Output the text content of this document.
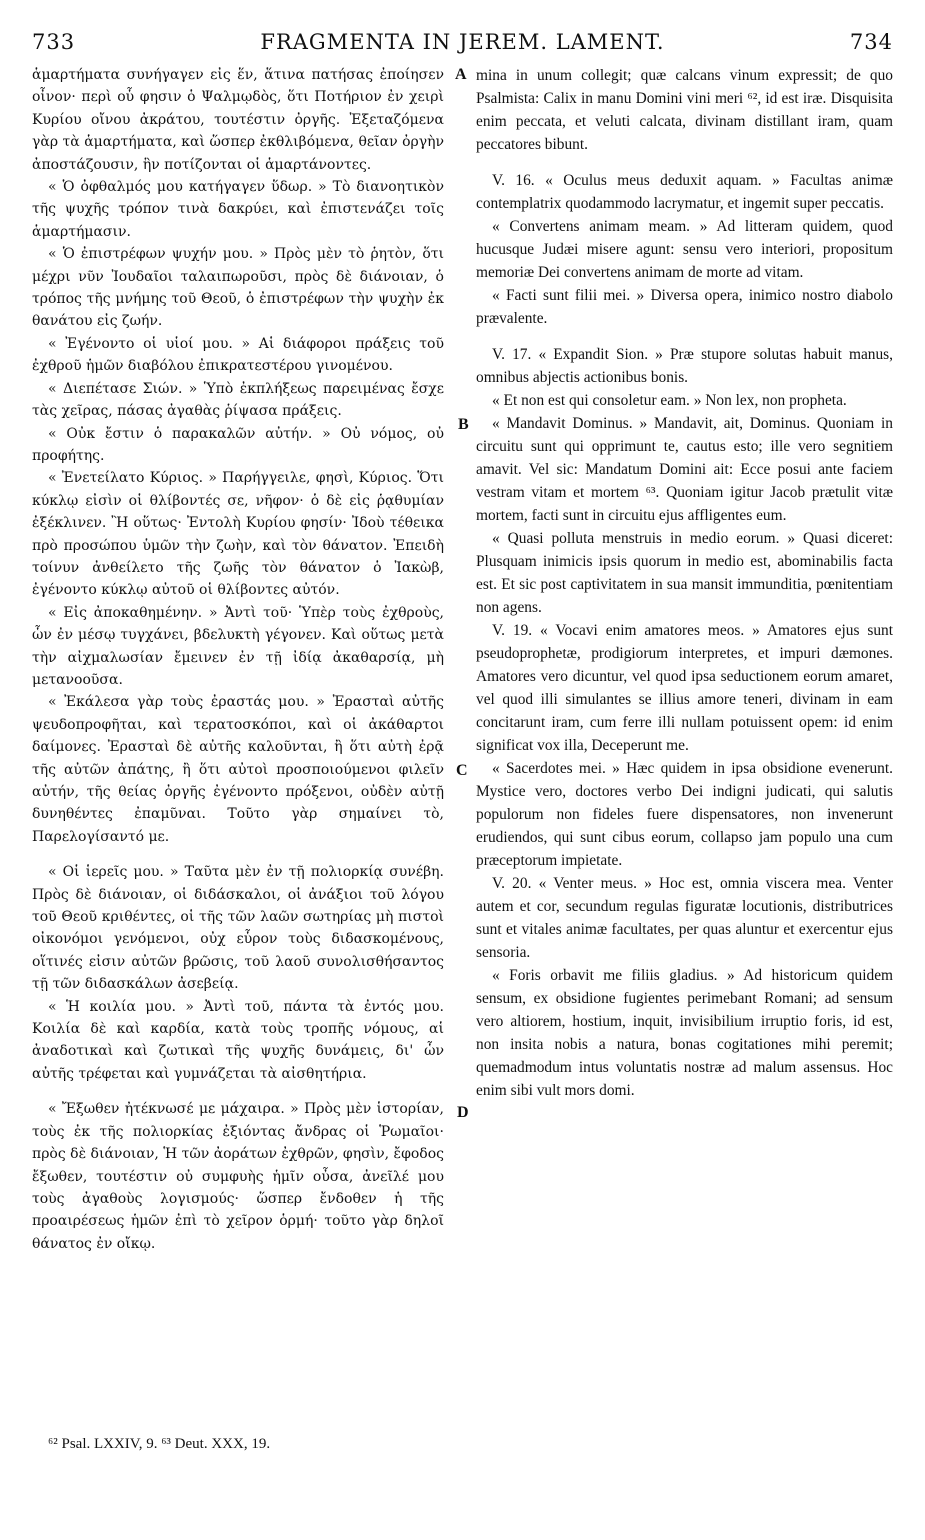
733	FRAGMENTA IN JEREM. LAMENT.	734

ἁμαρτήματα συνήγαγεν εἰς ἕν, ἅτινα πατήσας ἐποίησεν οἶνον· περὶ οὗ φησιν ὁ Ψαλμῳδὸς, ὅτι Ποτήριον ἐν χειρὶ Κυρίου οἴνου ἀκράτου, τουτέστιν ὀργῆς. Ἐξεταζόμενα γὰρ τὰ ἁμαρτήματα, καὶ ὥσπερ ἐκθλιβόμενα, θεῖαν ὀργὴν ἀποστάζουσιν, ἣν ποτίζονται οἱ ἁμαρτάνοντες.

« Ὁ ὀφθαλμός μου κατήγαγεν ὕδωρ. » Τὸ διανοητικὸν τῆς ψυχῆς τρόπον τινὰ δακρύει, καὶ ἐπιστενάζει τοῖς ἁμαρτήμασιν.

« Ὁ ἐπιστρέφων ψυχήν μου. » Πρὸς μὲν τὸ ῥητὸν, ὅτι μέχρι νῦν Ἰουδαῖοι ταλαιπωροῦσι, πρὸς δὲ διάνοιαν, ὁ τρόπος τῆς μνήμης τοῦ Θεοῦ, ὁ ἐπιστρέφων τὴν ψυχὴν ἐκ θανάτου εἰς ζωήν.

« Ἐγένοντο οἱ υἱοί μου. » Αἱ διάφοροι πράξεις τοῦ ἐχθροῦ ἡμῶν διαβόλου ἐπικρατεστέρου γινομένου.

« Διεπέτασε Σιών. » Ὑπὸ ἐκπλήξεως παρειμένας ἔσχε τὰς χεῖρας, πάσας ἀγαθὰς ῥίψασα πράξεις.

« Οὐκ ἔστιν ὁ παρακαλῶν αὐτήν. » Οὐ νόμος, οὐ προφήτης.

« Ἐνετείλατο Κύριος. » Παρήγγειλε, φησὶ, Κύριος. Ὅτι κύκλῳ εἰσὶν οἱ θλίβοντές σε, νῆφον· ὁ δὲ εἰς ῥᾳθυμίαν ἐξέκλινεν. Ἢ οὕτως· Ἐντολὴ Κυρίου φησίν· Ἰδοὺ τέθεικα πρὸ προσώπου ὑμῶν τὴν ζωὴν, καὶ τὸν θάνατον. Ἐπειδὴ τοίνυν ἀνθείλετο τῆς ζωῆς τὸν θάνατον ὁ Ἰακὼβ, ἐγένοντο κύκλῳ αὐτοῦ οἱ θλίβοντες αὐτόν.

« Εἰς ἀποκαθημένην. » Ἀντὶ τοῦ· Ὑπὲρ τοὺς ἐχθροὺς, ὧν ἐν μέσῳ τυγχάνει, βδελυκτὴ γέγονεν. Καὶ οὕτως μετὰ τὴν αἰχμαλωσίαν ἔμεινεν ἐν τῇ ἰδίᾳ ἀκαθαρσίᾳ, μὴ μετανοοῦσα.

« Ἐκάλεσα γὰρ τοὺς ἐραστάς μου. » Ἐρασταὶ αὐτῆς ψευδοπροφῆται, καὶ τερατοσκόποι, καὶ οἱ ἀκάθαρτοι δαίμονες. Ἐρασταὶ δὲ αὐτῆς καλοῦνται, ἢ ὅτι αὐτὴ ἐρᾷ τῆς αὐτῶν ἀπάτης, ἢ ὅτι αὐτοὶ προσποιούμενοι φιλεῖν αὐτήν, τῆς θείας ὀργῆς ἐγένοντο πρόξενοι, οὐδὲν αὐτῇ δυνηθέντες ἐπαμῦναι. Τοῦτο γὰρ σημαίνει τὸ, Παρελογίσαντό με.

« Οἱ ἱερεῖς μου. » Ταῦτα μὲν ἐν τῇ πολιορκίᾳ συνέβη. Πρὸς δὲ διάνοιαν, οἱ διδάσκαλοι, οἱ ἀνάξιοι τοῦ λόγου τοῦ Θεοῦ κριθέντες, οἱ τῆς τῶν λαῶν σωτηρίας μὴ πιστοὶ οἰκονόμοι γενόμενοι, οὐχ εὗρον τοὺς διδασκομένους, οἵτινές εἰσιν αὐτῶν βρῶσις, τοῦ λαοῦ συνολισθήσαντος τῇ τῶν διδασκάλων ἀσεβείᾳ.

« Ἡ κοιλία μου. » Ἀντὶ τοῦ, πάντα τὰ ἐντός μου. Κοιλία δὲ καὶ καρδία, κατὰ τοὺς τροπῆς νόμους, αἱ ἀναδοτικαὶ καὶ ζωτικαὶ τῆς ψυχῆς δυνάμεις, δι' ὧν αὐτῆς τρέφεται καὶ γυμνάζεται τὰ αἰσθητήρια.

« Ἔξωθεν ἠτέκνωσέ με μάχαιρα. » Πρὸς μὲν ἱστορίαν, τοὺς ἐκ τῆς πολιορκίας ἐξιόντας ἄνδρας οἱ Ῥωμαῖοι· πρὸς δὲ διάνοιαν, Ἡ τῶν ἀοράτων ἐχθρῶν, φησὶν, ἔφοδος ἔξωθεν, τουτέστιν οὐ συμφυὴς ἡμῖν οὖσα, ἀνεῖλέ μου τοὺς ἀγαθοὺς λογισμούς· ὥσπερ ἔνδοθεν ἡ τῆς προαιρέσεως ἡμῶν ἐπὶ τὸ χεῖρον ὁρμή· τοῦτο γὰρ δηλοῖ θάνατος ἐν οἴκῳ.

A
B
C
D

mina in unum collegit; quæ calcans vinum expressit; de quo Psalmista: Calix in manu Domini vini meri ⁶², id est iræ. Disquisita enim peccata, et veluti calcata, divinam distillant iram, quam peccatores bibunt.

V. 16. « Oculus meus deduxit aquam. » Facultas animæ contemplatrix quodammodo lacrymatur, et ingemit super peccatis.

« Convertens animam meam. » Ad litteram quidem, quod hucusque Judæi misere agunt: sensu vero interiori, propositum memoriæ Dei convertens animam de morte ad vitam.

« Facti sunt filii mei. » Diversa opera, inimico nostro diabolo prævalente.

V. 17. « Expandit Sion. » Præ stupore solutas habuit manus, omnibus abjectis actionibus bonis.

« Et non est qui consoletur eam. » Non lex, non propheta.

« Mandavit Dominus. » Mandavit, ait, Dominus. Quoniam in circuitu sunt qui opprimunt te, cautus esto; ille vero segnitiem amavit. Vel sic: Mandatum Domini ait: Ecce posui ante faciem vestram vitam et mortem ⁶³. Quoniam igitur Jacob prætulit vitæ mortem, facti sunt in circuitu ejus affligentes eum.

« Quasi polluta menstruis in medio eorum. » Quasi diceret: Plusquam inimicis ipsis quorum in medio est, abominabilis facta est. Et sic post captivitatem in sua mansit immunditia, pœnitentiam non agens.

V. 19. « Vocavi enim amatores meos. » Amatores ejus sunt pseudoprophetæ, prodigiorum interpretes, et impuri dæmones. Amatores vero dicuntur, vel quod ipsa seductionem eorum amaret, vel quod illi simulantes se illius amore teneri, divinam in eam concitarunt iram, cum ferre illi nullam potuissent opem: id enim significat vox illa, Deceperunt me.

« Sacerdotes mei. » Hæc quidem in ipsa obsidione evenerunt. Mystice vero, doctores verbo Dei indigni judicati, qui salutis populorum non fideles fuere dispensatores, non invenerunt erudiendos, qui sunt cibus eorum, collapso jam populo una cum præceptorum impietate.

V. 20. « Venter meus. » Hoc est, omnia viscera mea. Venter autem et cor, secundum regulas figuratæ locutionis, distributrices sunt et vitales animæ facultates, per quas aluntur et exercentur ejus sensoria.

« Foris orbavit me filiis gladius. » Ad historicum quidem sensum, ex obsidione fugientes perimebant Romani; ad sensum vero altiorem, hostium, inquit, invisibilium irruptio foris, id est, non insita nobis a natura, bonas cogitationes mihi peremit; quemadmodum intus voluntatis nostræ ad malum assensus. Hoc enim sibi vult mors domi.

⁶² Psal. LXXIV, 9. ⁶³ Deut. XXX, 19.
